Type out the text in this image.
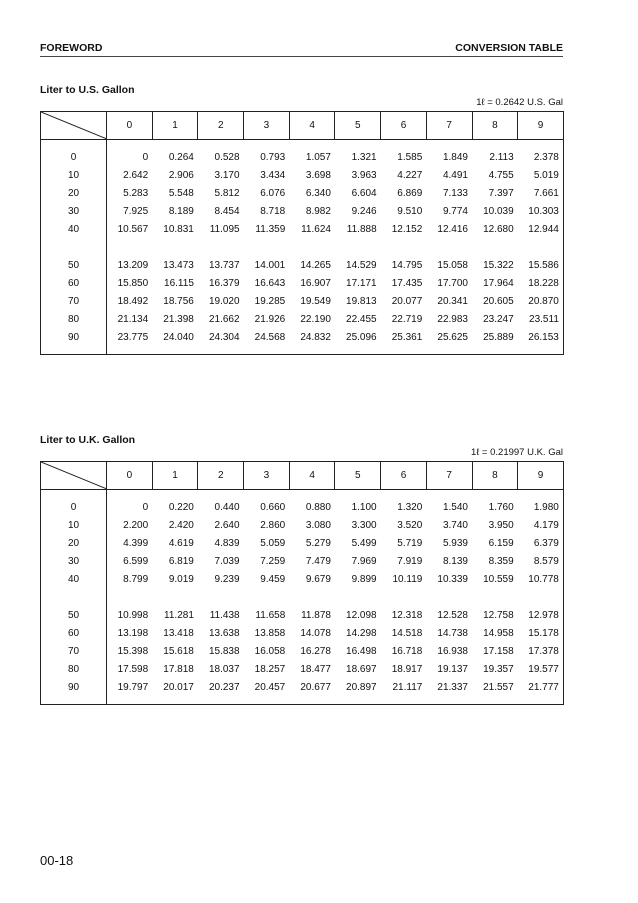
FOREWORD	CONVERSION TABLE
Liter to U.S. Gallon
1ℓ = 0.2642 U.S. Gal
	0	1	2	3	4	5	6	7	8	9
0	0	0.264	0.528	0.793	1.057	1.321	1.585	1.849	2.113	2.378
10	2.642	2.906	3.170	3.434	3.698	3.963	4.227	4.491	4.755	5.019
20	5.283	5.548	5.812	6.076	6.340	6.604	6.869	7.133	7.397	7.661
30	7.925	8.189	8.454	8.718	8.982	9.246	9.510	9.774	10.039	10.303
40	10.567	10.831	11.095	11.359	11.624	11.888	12.152	12.416	12.680	12.944
50	13.209	13.473	13.737	14.001	14.265	14.529	14.795	15.058	15.322	15.586
60	15.850	16.115	16.379	16.643	16.907	17.171	17.435	17.700	17.964	18.228
70	18.492	18.756	19.020	19.285	19.549	19.813	20.077	20.341	20.605	20.870
80	21.134	21.398	21.662	21.926	22.190	22.455	22.719	22.983	23.247	23.511
90	23.775	24.040	24.304	24.568	24.832	25.096	25.361	25.625	25.889	26.153
Liter to U.K. Gallon
1ℓ = 0.21997 U.K. Gal
	0	1	2	3	4	5	6	7	8	9
0	0	0.220	0.440	0.660	0.880	1.100	1.320	1.540	1.760	1.980
10	2.200	2.420	2.640	2.860	3.080	3.300	3.520	3.740	3.950	4.179
20	4.399	4.619	4.839	5.059	5.279	5.499	5.719	5.939	6.159	6.379
30	6.599	6.819	7.039	7.259	7.479	7.969	7.919	8.139	8.359	8.579
40	8.799	9.019	9.239	9.459	9.679	9.899	10.119	10.339	10.559	10.778
50	10.998	11.281	11.438	11.658	11.878	12.098	12.318	12.528	12.758	12.978
60	13.198	13.418	13.638	13.858	14.078	14.298	14.518	14.738	14.958	15.178
70	15.398	15.618	15.838	16.058	16.278	16.498	16.718	16.938	17.158	17.378
80	17.598	17.818	18.037	18.257	18.477	18.697	18.917	19.137	19.357	19.577
90	19.797	20.017	20.237	20.457	20.677	20.897	21.117	21.337	21.557	21.777
00-18
